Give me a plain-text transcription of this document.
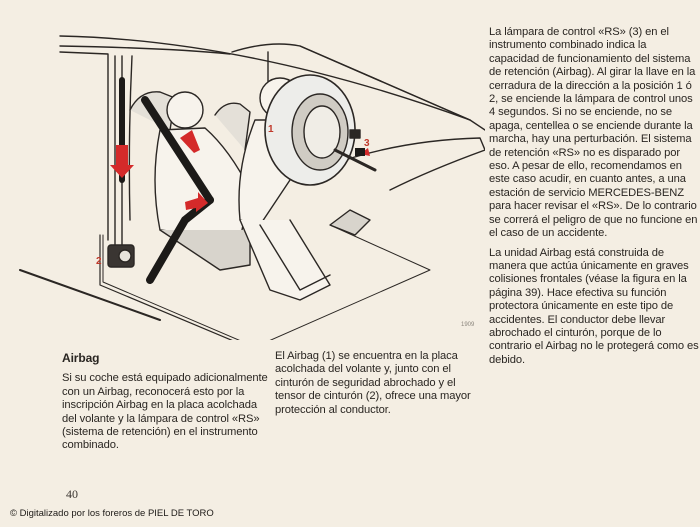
1
2
3
1909

La lámpara de control «RS» (3) en el instrumento combinado indica la capacidad de funcionamiento del sistema de retención (Airbag). Al girar la llave en la cerradura de la dirección a la posición 1 ó 2, se enciende la lámpara de control unos 4 segundos. Si no se enciende, no se apaga, centellea o se enciende durante la marcha, hay una perturbación. El sistema de retención «RS» no es disparado por eso. A pesar de ello, recomendamos en este caso acudir, en cuanto antes, a una estación de servicio MERCEDES-BENZ para hacer revisar el «RS». De lo contrario se correrá el peligro de que no funcione en el caso de un accidente.

La unidad Airbag está construida de manera que actúa únicamente en graves colisiones frontales (véase la figura en la página 39). Hace efectiva su función protectora únicamente en este tipo de accidentes. El conductor debe llevar abrochado el cinturón, porque de lo contrario el Airbag no le protegerá como es debido.

Airbag

Si su coche está equipado adicionalmente con un Airbag, reconocerá esto por la inscripción Airbag en la placa acolchada del volante y la lámpara de control «RS» (sistema de retención) en el instrumento combinado.

El Airbag (1) se encuentra en la placa acolchada del volante y, junto con el cinturón de seguridad abrochado y el tensor de cinturón (2), ofrece una mayor protección al conductor.

40
© Digitalizado por los foreros de PIEL DE TORO
